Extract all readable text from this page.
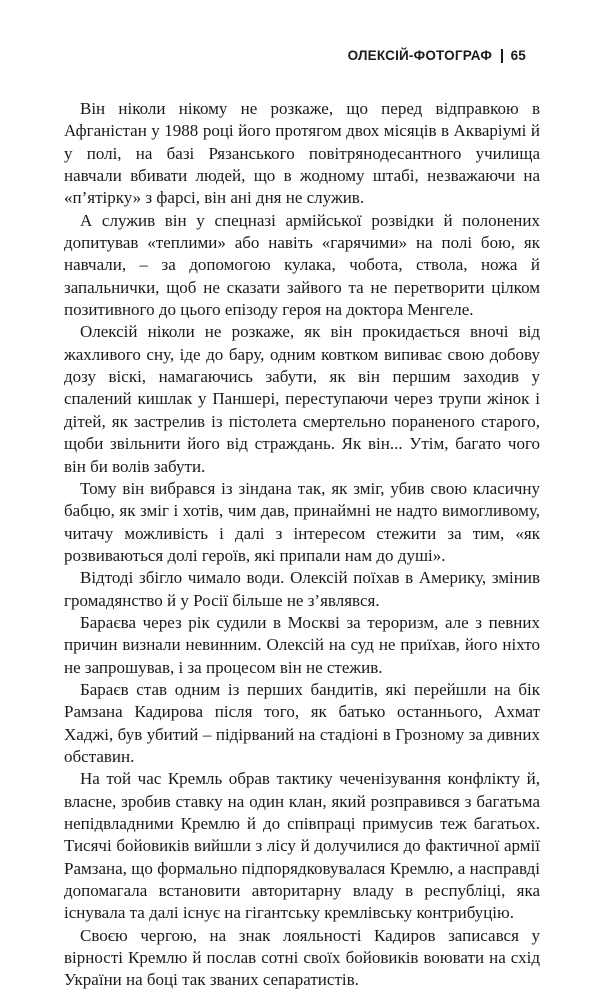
ОЛЕКСІЙ-ФОТОГРАФ 65

Він ніколи нікому не розкаже, що перед відправкою в Афганістан у 1988 році його протягом двох місяців в Акваріумі й у полі, на базі Рязанського повітрянодесантного училища навчали вбивати людей, що в жодному штабі, незважаючи на «п’ятірку» з фарсі, він ані дня не служив.

А служив він у спецназі армійської розвідки й полонених допитував «теплими» або навіть «гарячими» на полі бою, як навчали, – за допомогою кулака, чобота, ствола, ножа й запальнички, щоб не сказати зайвого та не перетворити цілком позитивного до цього епізоду героя на доктора Менгеле.

Олексій ніколи не розкаже, як він прокидається вночі від жахливого сну, іде до бару, одним ковтком випиває свою добову дозу віскі, намагаючись забути, як він першим заходив у спалений кишлак у Паншері, переступаючи через трупи жінок і дітей, як застрелив із пістолета смертельно пораненого старого, щоби звільнити його від страждань. Як він... Утім, багато чого він би волів забути.

Тому він вибрався із зіндана так, як зміг, убив свою класичну бабцю, як зміг і хотів, чим дав, принаймні не надто вимогливому, читачу можливість і далі з інтересом стежити за тим, «як розвиваються долі героїв, які припали нам до душі».

Відтоді збігло чимало води. Олексій поїхав в Америку, змінив громадянство й у Росії більше не з’являвся.

Бараєва через рік судили в Москві за тероризм, але з певних причин визнали невинним. Олексій на суд не приїхав, його ніхто не запрошував, і за процесом він не стежив.

Бараєв став одним із перших бандитів, які перейшли на бік Рамзана Кадирова після того, як батько останнього, Ахмат Хаджі, був убитий – підірваний на стадіоні в Грозному за дивних обставин.

На той час Кремль обрав тактику чеченізування конфлікту й, власне, зробив ставку на один клан, який розправився з багатьма непідвладними Кремлю й до співпраці примусив теж багатьох. Тисячі бойовиків вийшли з лісу й долучилися до фактичної армії Рамзана, що формально підпорядковувалася Кремлю, а насправді допомагала встановити авторитарну владу в республіці, яка існувала та далі існує на гігантську кремлівську контрибуцію.

Своєю чергою, на знак лояльності Кадиров записався у вірності Кремлю й послав сотні своїх бойовиків воювати на схід України на боці так званих сепаратистів.
